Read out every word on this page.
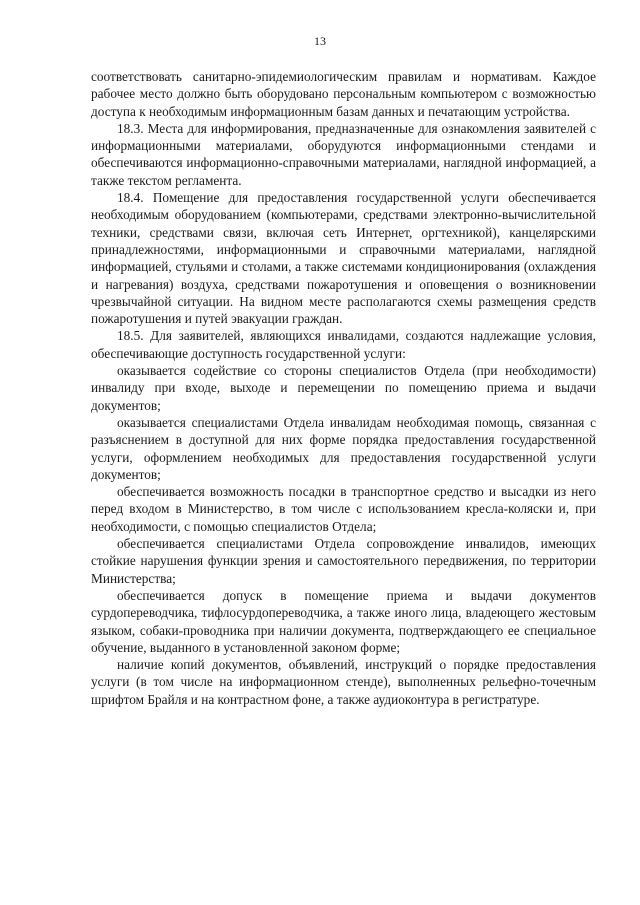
13

соответствовать санитарно-эпидемиологическим правилам и нормативам. Каждое рабочее место должно быть оборудовано персональным компьютером с возможностью доступа к необходимым информационным базам данных и печатающим устройства.

18.3. Места для информирования, предназначенные для ознакомления заявителей с информационными материалами, оборудуются информационными стендами и обеспечиваются информационно-справочными материалами, наглядной информацией, а также текстом регламента.

18.4. Помещение для предоставления государственной услуги обеспечивается необходимым оборудованием (компьютерами, средствами электронно-вычислительной техники, средствами связи, включая сеть Интернет, оргтехникой), канцелярскими принадлежностями, информационными и справочными материалами, наглядной информацией, стульями и столами, а также системами кондиционирования (охлаждения и нагревания) воздуха, средствами пожаротушения и оповещения о возникновении чрезвычайной ситуации. На видном месте располагаются схемы размещения средств пожаротушения и путей эвакуации граждан.

18.5. Для заявителей, являющихся инвалидами, создаются надлежащие условия, обеспечивающие доступность государственной услуги:

оказывается содействие со стороны специалистов Отдела (при необходимости) инвалиду при входе, выходе и перемещении по помещению приема и выдачи документов;

оказывается специалистами Отдела инвалидам необходимая помощь, связанная с разъяснением в доступной для них форме порядка предоставления государственной услуги, оформлением необходимых для предоставления государственной услуги документов;

обеспечивается возможность посадки в транспортное средство и высадки из него перед входом в Министерство, в том числе с использованием кресла-коляски и, при необходимости, с помощью специалистов Отдела;

обеспечивается специалистами Отдела сопровождение инвалидов, имеющих стойкие нарушения функции зрения и самостоятельного передвижения, по территории Министерства;

обеспечивается допуск в помещение приема и выдачи документов сурдопереводчика, тифлосурдопереводчика, а также иного лица, владеющего жестовым языком, собаки-проводника при наличии документа, подтверждающего ее специальное обучение, выданного в установленной законом форме;

наличие копий документов, объявлений, инструкций о порядке предоставления услуги (в том числе на информационном стенде), выполненных рельефно-точечным шрифтом Брайля и на контрастном фоне, а также аудиоконтура в регистратуре.
